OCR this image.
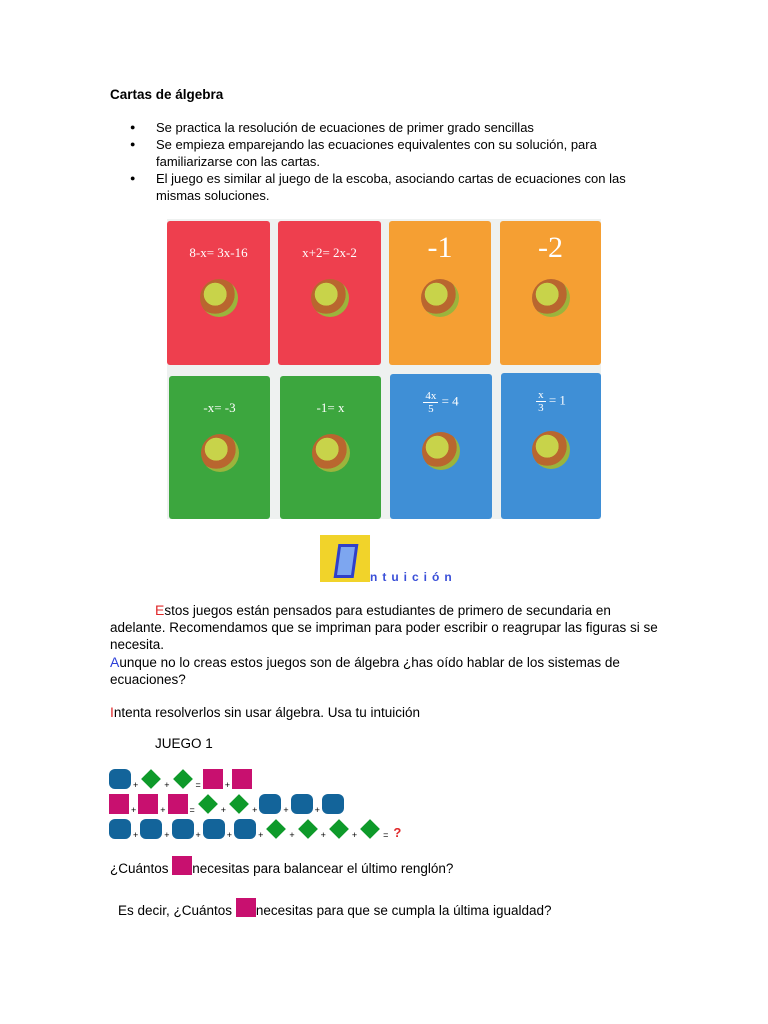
Cartas de álgebra
● Se practica la resolución de ecuaciones de primer grado sencillas
● Se empieza emparejando las ecuaciones equivalentes con su solución, para familiarizarse con las cartas.
● El juego es similar al juego de la escoba, asociando cartas de ecuaciones con las mismas soluciones.
8-x= 3x-16	x+2= 2x-2	-1	-2
-x= -3	-1= x	$\frac{4x}{5} = 4$	$\frac{x}{3} = 1$
ntuición
Estos juegos están pensados para estudiantes de primero de secundaria en adelante. Recomendamos que se impriman para poder escribir o reagrupar las figuras si se necesita.
Aunque no lo creas estos juegos son de álgebra ¿has oído hablar de los sistemas de ecuaciones?
Intenta resolverlos sin usar álgebra. Usa tu intuición
JUEGO 1
+	+	=	+
+	+	=	+	+	+	+
+	+	+	+	+	+	+	+	= ?
¿Cuántos necesitas para balancear el último renglón?
Es decir, ¿Cuántos necesitas para que se cumpla la última igualdad?
